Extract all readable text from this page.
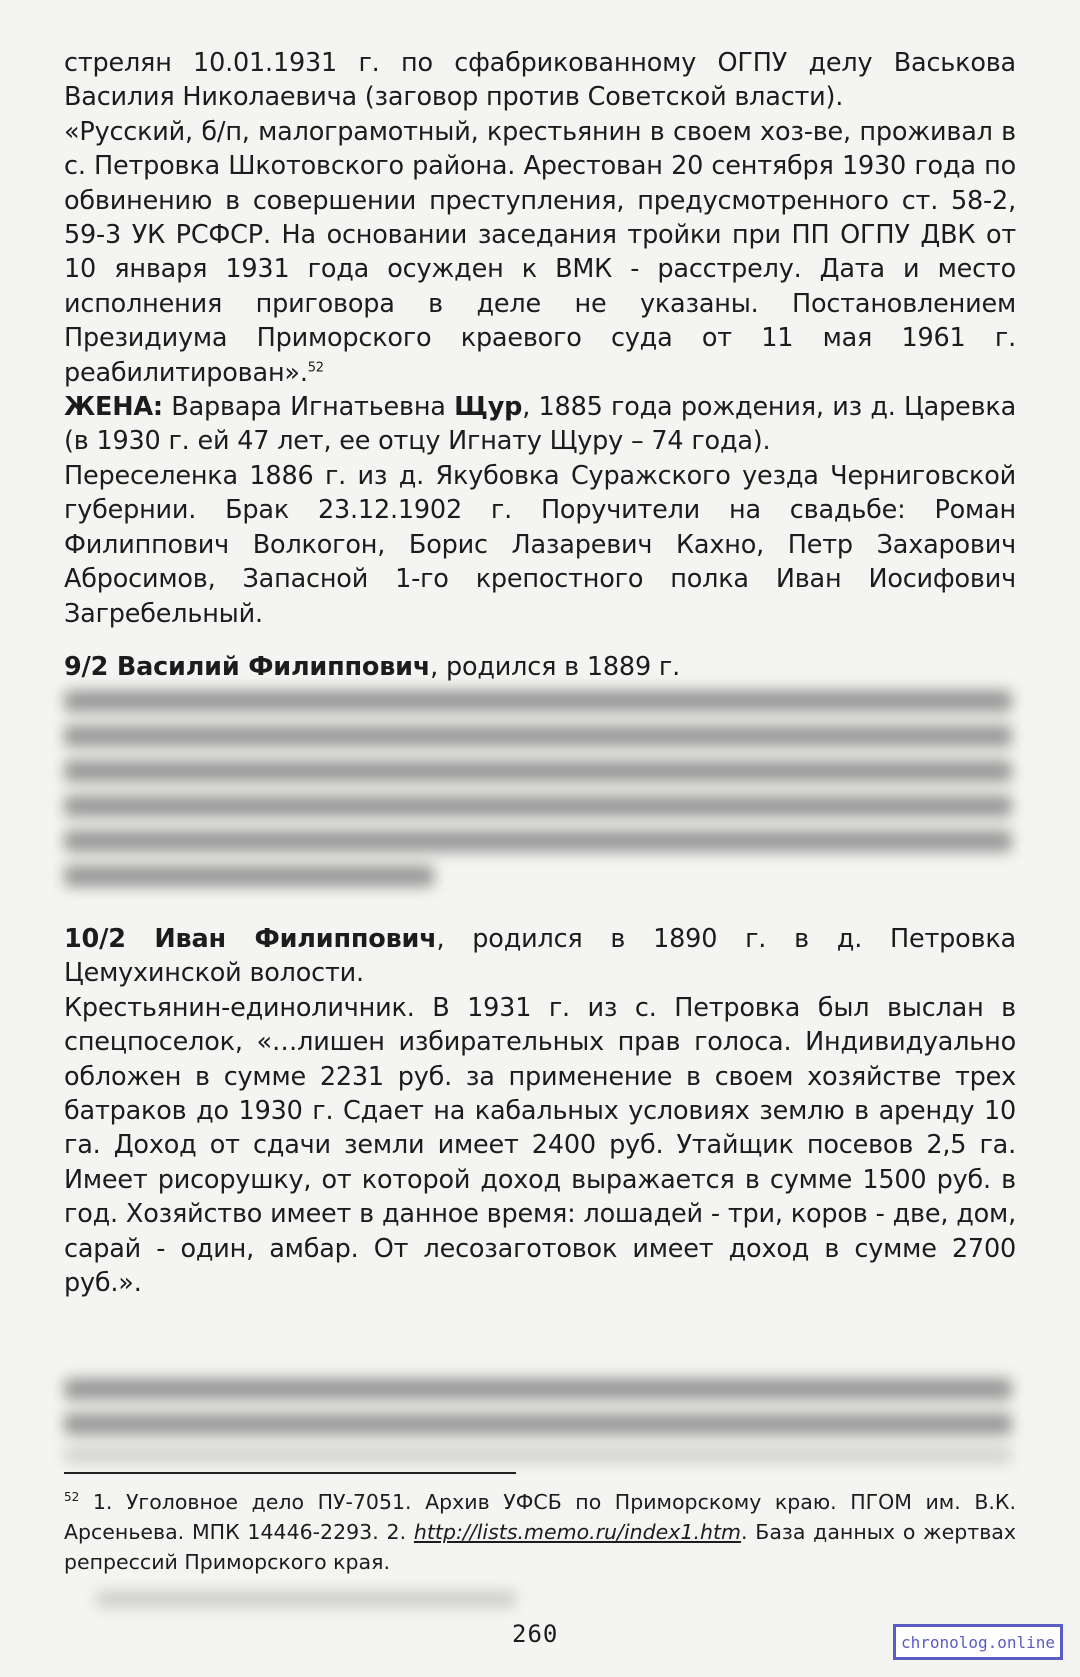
стрелян 10.01.1931 г. по сфабрикованному ОГПУ делу Васькова Василия Николаевича (заговор против Советской власти).

«Русский, б/п, малограмотный, крестьянин в своем хоз-ве, проживал в с. Петровка Шкотовского района. Арестован 20 сентября 1930 года по обвинению в совершении преступления, предусмотренного ст. 58-2, 59-3 УК РСФСР. На основании заседания тройки при ПП ОГПУ ДВК от 10 января 1931 года осужден к ВМК - расстрелу. Дата и место исполнения приговора в деле не указаны. Постановлением Президиума Приморского краевого суда от 11 мая 1961 г. реабилитирован».$^{52}$

ЖЕНА: Варвара Игнатьевна Щур, 1885 года рождения, из д. Царевка (в 1930 г. ей 47 лет, ее отцу Игнату Щуру – 74 года).

Переселенка 1886 г. из д. Якубовка Суражского уезда Черниговской губернии. Брак 23.12.1902 г. Поручители на свадьбе: Роман Филиппович Волкогон, Борис Лазаревич Кахно, Петр Захарович Абросимов, Запасной 1-го крепостного полка Иван Иосифович Загребельный.

9/2 Василий Филиппович, родился в 1889 г.

10/2 Иван Филиппович, родился в 1890 г. в д. Петровка Цемухинской волости.

Крестьянин-единоличник. В 1931 г. из с. Петровка был выслан в спецпоселок, «…лишен избирательных прав голоса. Индивидуально обложен в сумме 2231 руб. за применение в своем хозяйстве трех батраков до 1930 г. Сдает на кабальных условиях землю в аренду 10 га. Доход от сдачи земли имеет 2400 руб. Утайщик посевов 2,5 га. Имеет рисорушку, от которой доход выражается в сумме 1500 руб. в год. Хозяйство имеет в данное время: лошадей - три, коров - две, дом, сарай - один, амбар. От лесозаготовок имеет доход в сумме 2700 руб.».

$^{52}$ 1. Уголовное дело ПУ-7051. Архив УФСБ по Приморскому краю. ПГОМ им. В.К. Арсеньева. МПК 14446-2293. 2. http://lists.memo.ru/index1.htm. База данных о жертвах репрессий Приморского края.
260	chronolog.online
